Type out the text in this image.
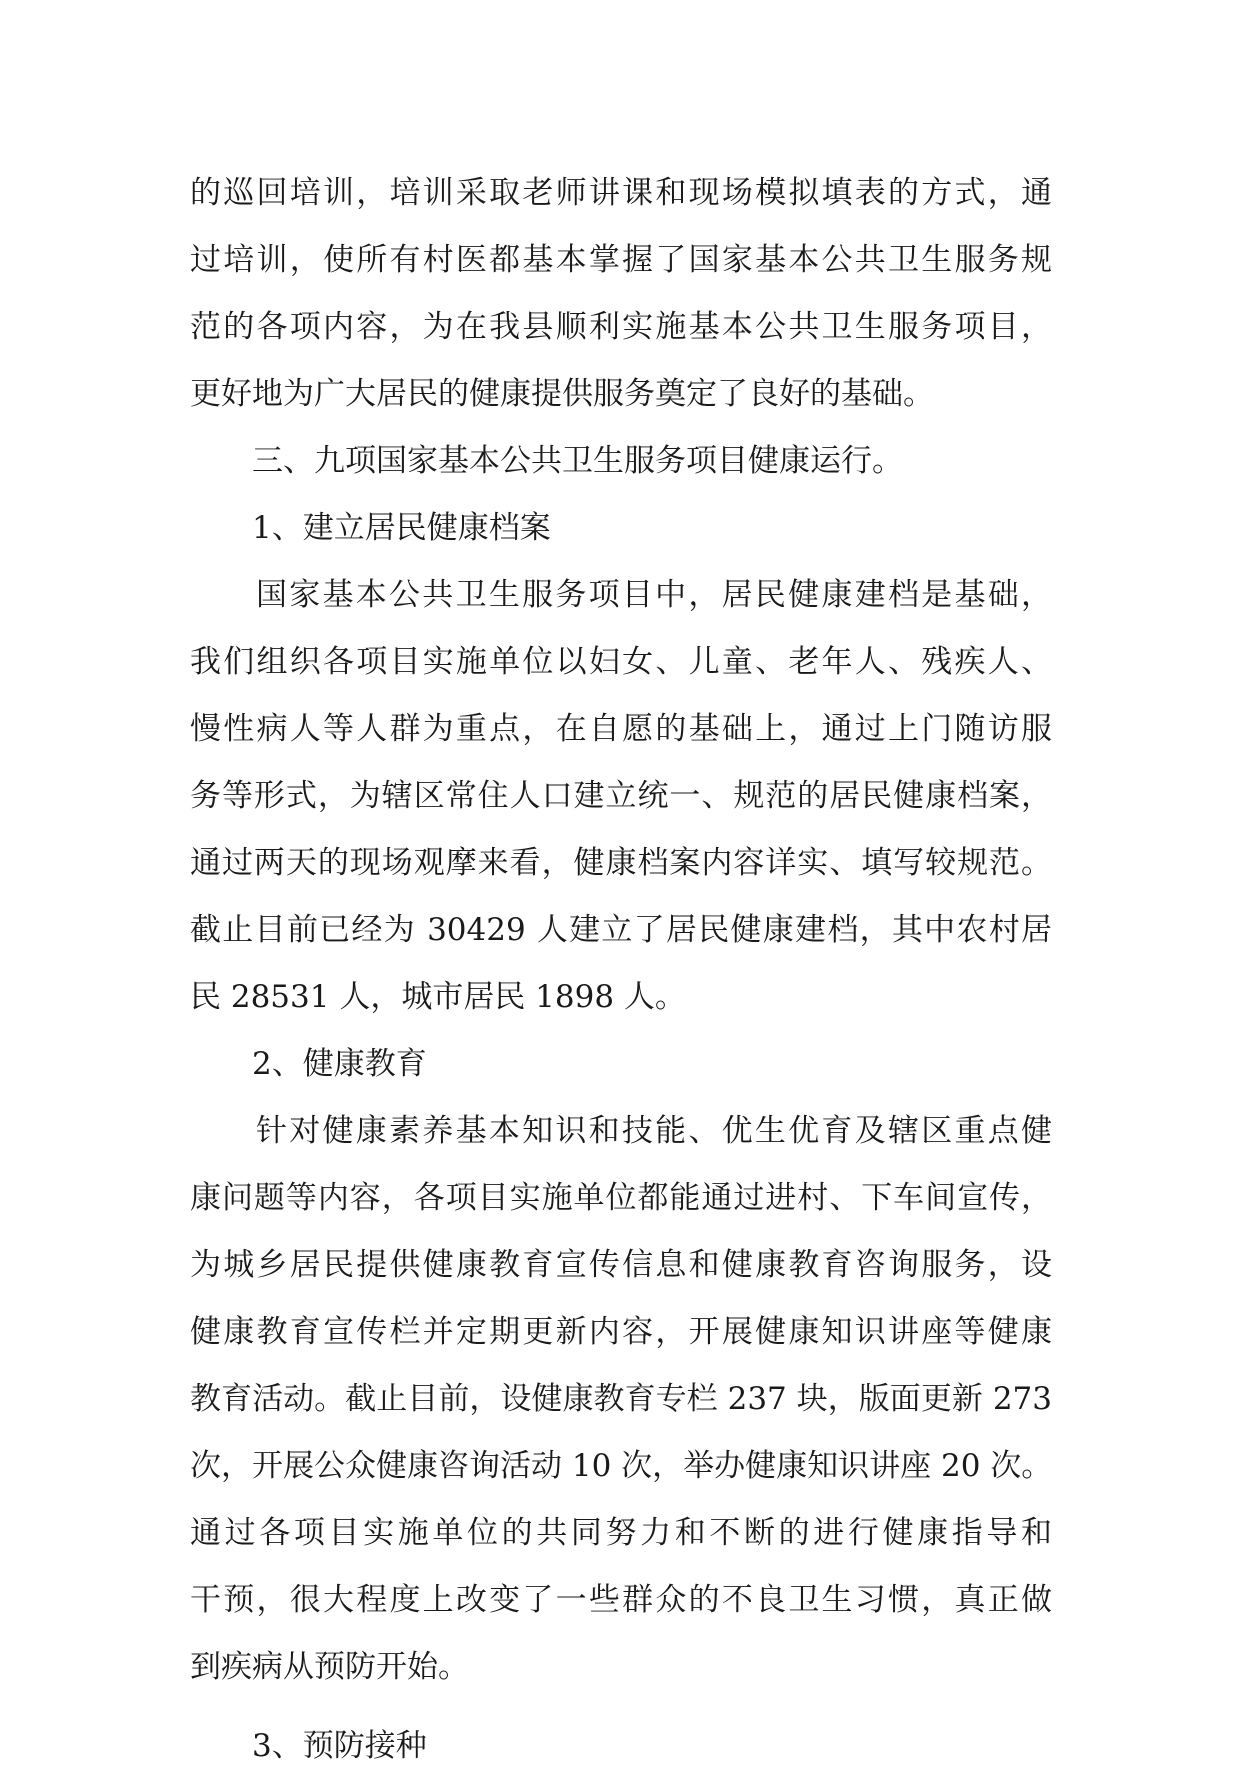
的巡回培训，培训采取老师讲课和现场模拟填表的方式，通
过培训，使所有村医都基本掌握了国家基本公共卫生服务规
范的各项内容，为在我县顺利实施基本公共卫生服务项目，
更好地为广大居民的健康提供服务奠定了良好的基础。
三、九项国家基本公共卫生服务项目健康运行。
1、建立居民健康档案
国家基本公共卫生服务项目中，居民健康建档是基础，
我们组织各项目实施单位以妇女、儿童、老年人、残疾人、
慢性病人等人群为重点，在自愿的基础上，通过上门随访服
务等形式，为辖区常住人口建立统一、规范的居民健康档案，
通过两天的现场观摩来看，健康档案内容详实、填写较规范。
截止目前已经为 30429 人建立了居民健康建档，其中农村居
民 28531 人，城市居民 1898 人。
2、健康教育
针对健康素养基本知识和技能、优生优育及辖区重点健
康问题等内容，各项目实施单位都能通过进村、下车间宣传，
为城乡居民提供健康教育宣传信息和健康教育咨询服务，设
健康教育宣传栏并定期更新内容，开展健康知识讲座等健康
教育活动。截止目前，设健康教育专栏 237 块，版面更新 273
次，开展公众健康咨询活动 10 次，举办健康知识讲座 20 次。
通过各项目实施单位的共同努力和不断的进行健康指导和
干预，很大程度上改变了一些群众的不良卫生习惯，真正做
到疾病从预防开始。
3、预防接种
